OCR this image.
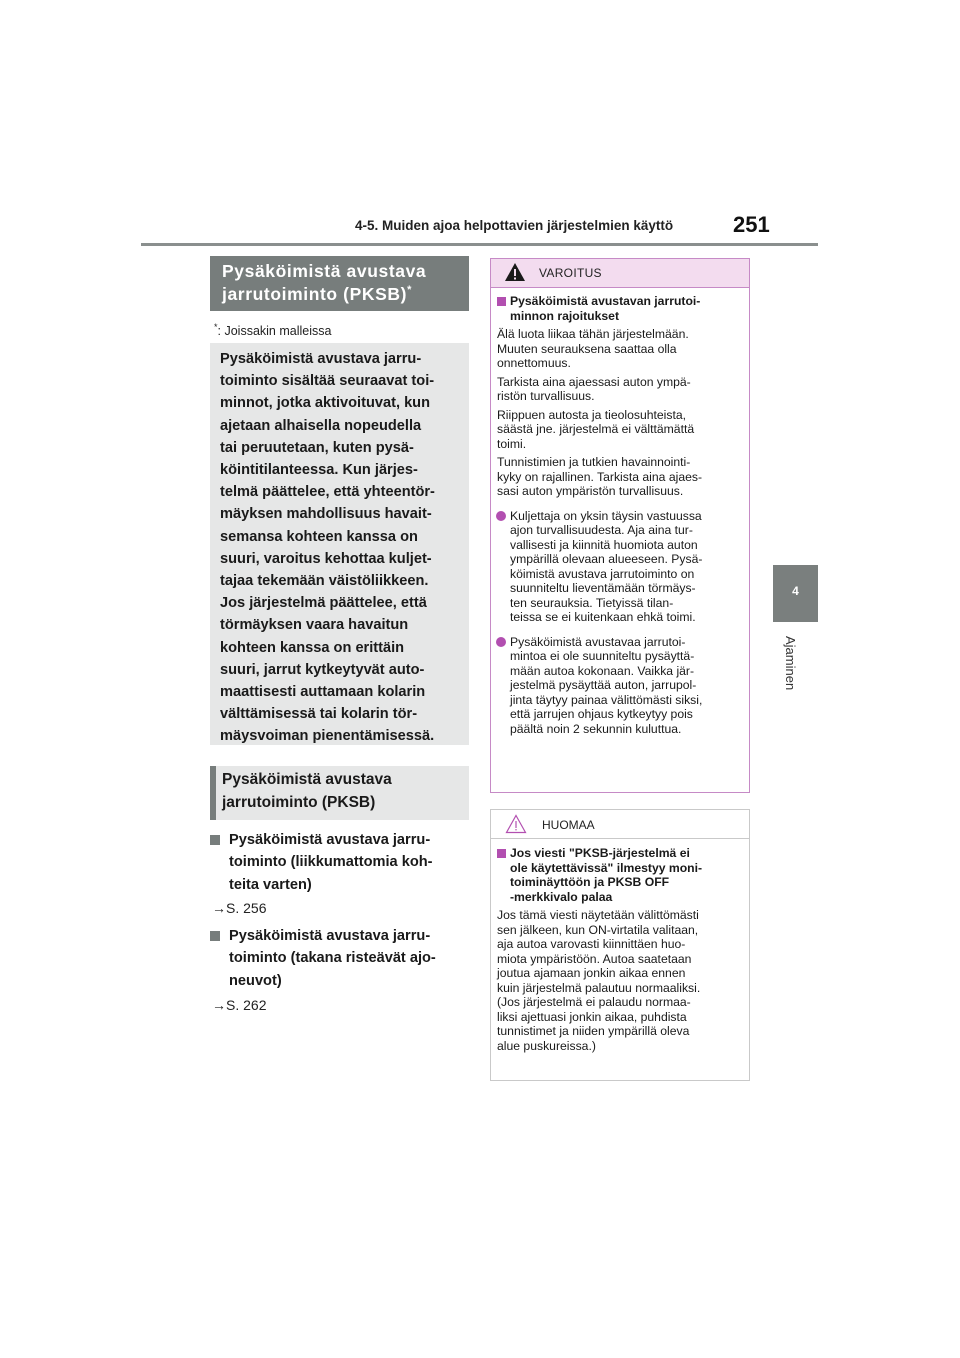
4-5. Muiden ajoa helpottavien järjestelmien käyttö	251
4
Ajaminen
Pysäköimistä avustava
jarrutoiminto (PKSB)*
*: Joissakin malleissa
Pysäköimistä avustava jarru-
toiminto sisältää seuraavat toi-
minnot, jotka aktivoituvat, kun
ajetaan alhaisella nopeudella
tai peruutetaan, kuten pysä-
köintitilanteessa. Kun järjes-
telmä päättelee, että yhteentör-
mäyksen mahdollisuus havait-
semansa kohteen kanssa on
suuri, varoitus kehottaa kuljet-
tajaa tekemään väistöliikkeen.
Jos järjestelmä päättelee, että
törmäyksen vaara havaitun
kohteen kanssa on erittäin
suuri, jarrut kytkeytyvät auto-
maattisesti auttamaan kolarin
välttämisessä tai kolarin tör-
mäysvoiman pienentämisessä.
Pysäköimistä avustava
jarrutoiminto (PKSB)
Pysäköimistä avustava jarru-
toiminto (liikkumattomia koh-
teita varten)
→S. 256
Pysäköimistä avustava jarru-
toiminto (takana risteävät ajo-
neuvot)
→S. 262
VAROITUS
Pysäköimistä avustavan jarrutoi-
minnon rajoitukset
Älä luota liikaa tähän järjestelmään.
Muuten seurauksena saattaa olla
onnettomuus.
Tarkista aina ajaessasi auton ympä-
ristön turvallisuus.
Riippuen autosta ja tieolosuhteista,
säästä jne. järjestelmä ei välttämättä
toimi.
Tunnistimien ja tutkien havainnointi-
kyky on rajallinen. Tarkista aina ajaes-
sasi auton ympäristön turvallisuus.
Kuljettaja on yksin täysin vastuussa
ajon turvallisuudesta. Aja aina tur-
vallisesti ja kiinnitä huomiota auton
ympärillä olevaan alueeseen. Pysä-
köimistä avustava jarrutoiminto on
suunniteltu lieventämään törmäys-
ten seurauksia. Tietyissä tilan-
teissa se ei kuitenkaan ehkä toimi.
Pysäköimistä avustavaa jarrutoi-
mintoa ei ole suunniteltu pysäyttä-
mään autoa kokonaan. Vaikka jär-
jestelmä pysäyttää auton, jarrupol-
jinta täytyy painaa välittömästi siksi,
että jarrujen ohjaus kytkeytyy pois
päältä noin 2 sekunnin kuluttua.
HUOMAA
Jos viesti "PKSB-järjestelmä ei
ole käytettävissä" ilmestyy moni-
toiminäyttöön ja PKSB OFF
-merkkivalo palaa
Jos tämä viesti näytetään välittömästi
sen jälkeen, kun ON-virtatila valitaan,
aja autoa varovasti kiinnittäen huo-
miota ympäristöön. Autoa saatetaan
joutua ajamaan jonkin aikaa ennen
kuin järjestelmä palautuu normaaliksi.
(Jos järjestelmä ei palaudu normaa-
liksi ajettuasi jonkin aikaa, puhdista
tunnistimet ja niiden ympärillä oleva
alue puskureissa.)
